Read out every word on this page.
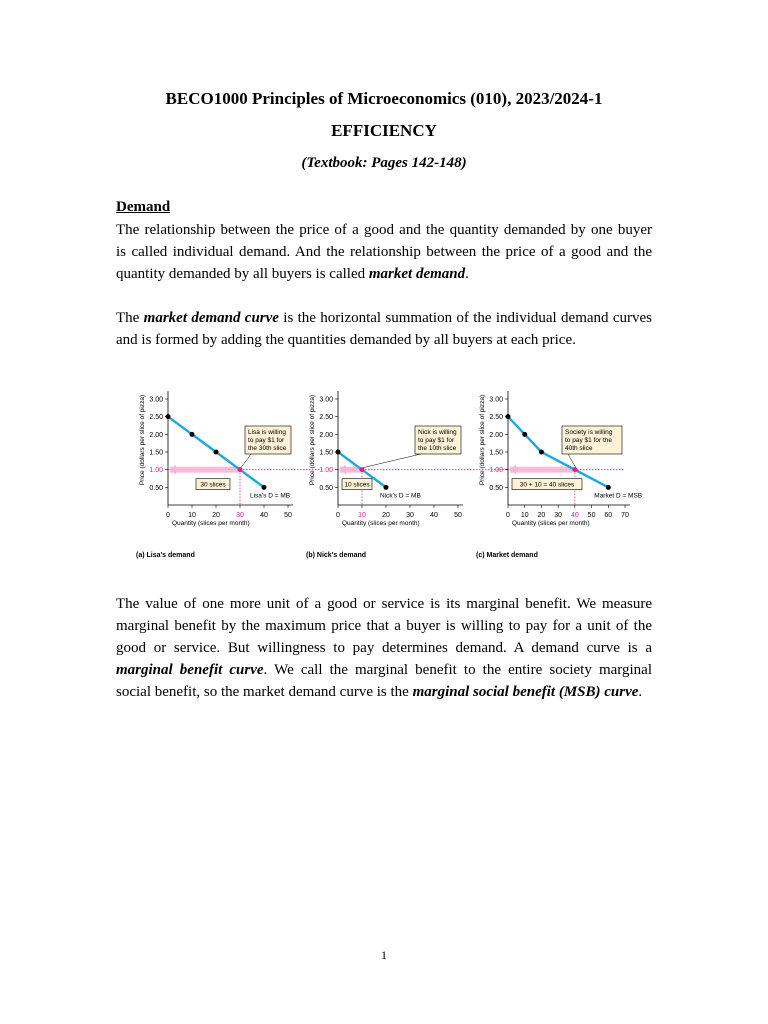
BECO1000 Principles of Microeconomics (010), 2023/2024-1
EFFICIENCY
(Textbook: Pages 142-148)
Demand
The relationship between the price of a good and the quantity demanded by one buyer
is called individual demand. And the relationship between the price of a good and the
quantity demanded by all buyers is called market demand.
The market demand curve is the horizontal summation of the individual demand curves
and is formed by adding the quantities demanded by all buyers at each price.
0.50
1.00
1.50
2.00
2.50
3.00
0	10 20 30 40 50
Quantity (slices per month)
Price (dollars per slice of pizza)
Lisa's D = MB
Lisa is willing
to pay $1 for
the 30th slice
30 slices
(a) Lisa's demand
0.50
1.00
1.50
2.00
2.50
3.00
0	10 20 30 40 50
Quantity (slices per month)
Price (dollars per slice of pizza)
Nick's D = MB
Nick is willing
to pay $1 for
the 10th slice
10 slices
(b) Nick's demand
0.50
1.00
1.50
2.00
2.50
3.00
0 10 20 30 40 50 60 70
Quantity (slices per month)
Price (dollars per slice of pizza)
Market D = MSB
Society is willing
to pay $1 for the
40th slice
30 + 10 = 40 slices
(c) Market demand
The value of one more unit of a good or service is its marginal benefit. We measure
marginal benefit by the maximum price that a buyer is willing to pay for a unit of the
good or service. But willingness to pay determines demand. A demand curve is a
marginal benefit curve. We call the marginal benefit to the entire society marginal
social benefit, so the market demand curve is the marginal social benefit (MSB) curve.
1
